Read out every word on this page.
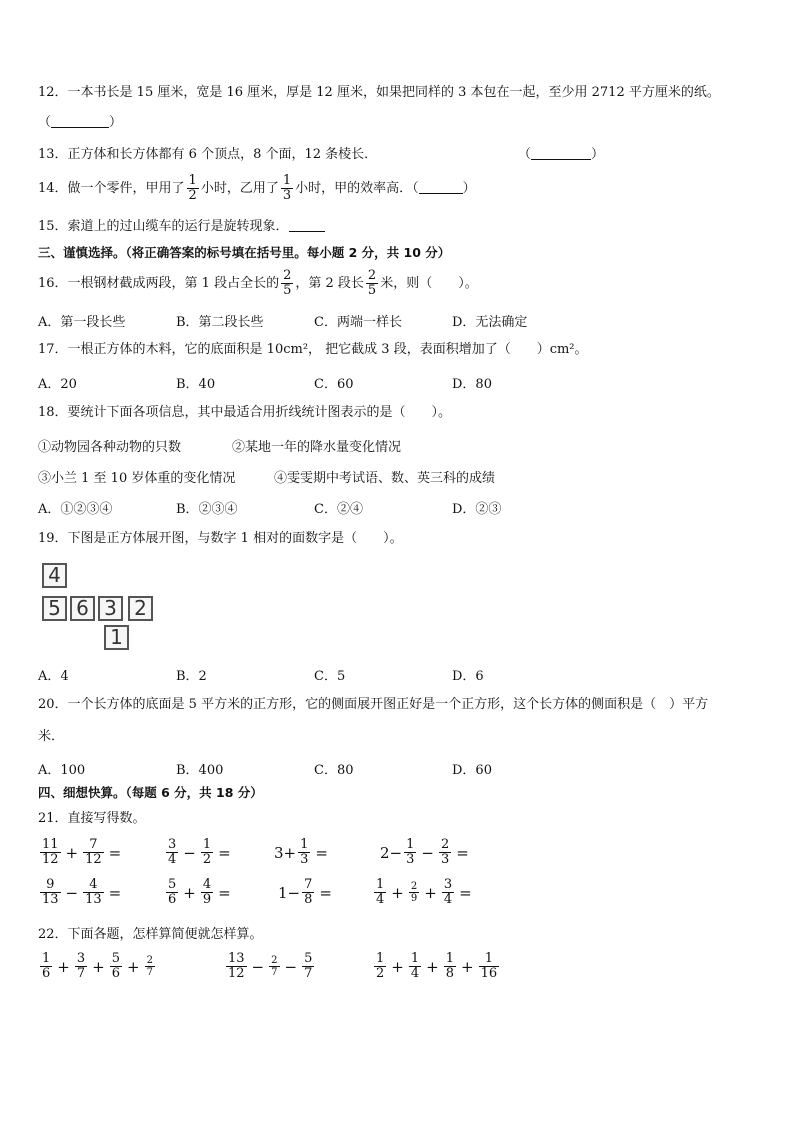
12．一本书长是 15 厘米，宽是 16 厘米，厚是 12 厘米，如果把同样的 3 本包在一起，至少用 2712 平方厘米的纸。
（	）
13．正方体和长方体都有 6 个顶点，8 个面，12 条棱长．	（	）
14．做一个零件，甲用了 $\frac{1}{2}$ 小时，乙用了 $\frac{1}{3}$ 小时，甲的效率高．（	）
15．索道上的过山缆车的运行是旋转现象．
三、谨慎选择。（将正确答案的标号填在括号里。每小题 2 分，共 10 分）
16．一根钢材截成两段，第 1 段占全长的 $\frac{2}{5}$ ，第 2 段长 $\frac{2}{5}$ 米，则（　　）。
A．第一段长些	B．第二段长些	C．两端一样长	D．无法确定
17．一根正方体的木料，它的底面积是 10cm²， 把它截成 3 段，表面积增加了（　　）cm²。
A．20	B．40	C．60	D．80
18．要统计下面各项信息，其中最适合用折线统计图表示的是（　　）。
①动物园各种动物的只数	②某地一年的降水量变化情况
③小兰 1 至 10 岁体重的变化情况	④雯雯期中考试语、数、英三科的成绩
A．①②③④	B．②③④	C．②④	D．②③
19．下图是正方体展开图，与数字 1 相对的面数字是（　　）。
4
5 6 3 2
1
A．4	B．2	C．5	D．6
20．一个长方体的底面是 5 平方米的正方形，它的侧面展开图正好是一个正方形，这个长方体的侧面积是（　）平方
米．
A．100	B．400	C．80	D．60
四、细想快算。（每题 6 分，共 18 分）
21．直接写得数。
$\frac{11}{12} + \frac{7}{12}$ =	$\frac{3}{4} - \frac{1}{2}$ =	$3+ \frac{1}{3}$ =	$2- \frac{1}{3} - \frac{2}{3}$ =
$\frac{9}{13} - \frac{4}{13}$ =	$\frac{5}{6} + \frac{4}{9}$ =	$1- \frac{7}{8}$ =	$\frac{1}{4} + \frac{2}{9} + \frac{3}{4}$ =
22．下面各题，怎样算简便就怎样算。
$\frac{1}{6} + \frac{3}{7} + \frac{5}{6} + \frac{2}{7}$	$\frac{13}{12} - \frac{2}{7} - \frac{5}{7}$	$\frac{1}{2} + \frac{1}{4} + \frac{1}{8} + \frac{1}{16}$
